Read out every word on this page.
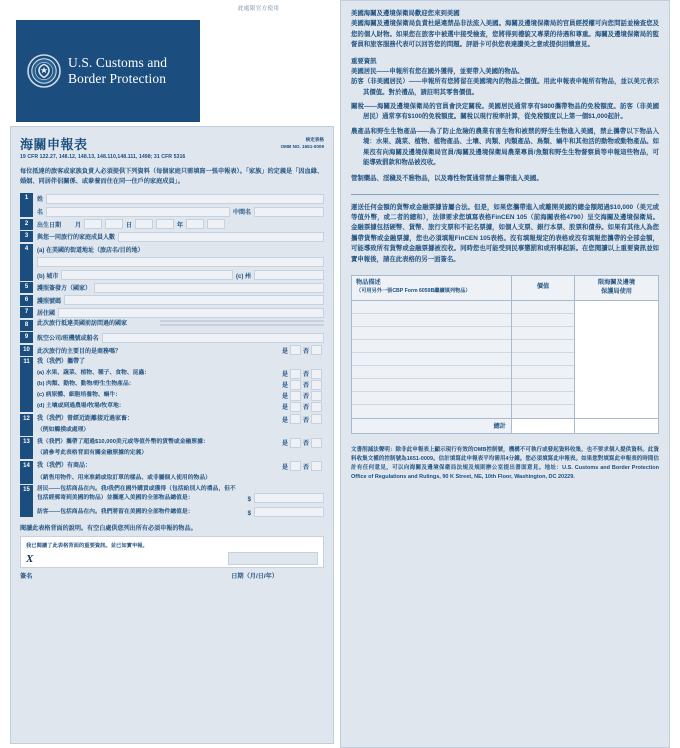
此處限官方使用
U.S. Customs and
Border Protection
海關申報表	核定表格
OMB NO. 1651-0009
19 CFR 122.27, 148.12, 148.13, 148.110,148.111, 1498; 31 CFR 5316
每位抵達的旅客或家族負責人必須提供下列資料（每個家庭只需填寫一張申報表）。「家族」的定義是「因血緣、婚姻、同居伴侶關係、或豢養而住在同一住戶的家庭成員」。
1	姓
名	中間名
2	出生日期 月	日	年
3	與您一同旅行的家庭成員人數
4	(a) 在美國的街道地址（旅店名/目的地）
(b) 城市	(c) 州
5	護照簽發方（國家）
6	護照號碼
7	居住國
8	此次旅行抵達美國前訪問過的國家
9	航空公司/班機號或船名
10	此次旅行的主要目的是商務嗎？	是	否
11	我（我們）攜帶了
(a) 水果、蔬菜、植物、種子、食物、昆蟲：	是	否
(b) 肉類、動物、動物/野生生物產品：	是	否
(c) 病原體、細胞培養物、蝸牛：	是	否
(d) 土壤或到過農場/牧場/牧草地：	是	否
12	我（我們）曾經近距離接近過家畜：	是	否
（例如觸摸或處理）
13	我（我們）攜帶了超過$10,000美元或等值外幣的貨幣或金融票據：	是	否
（請參考此表格背面有關金融票據的定義）
14	我（我們）有商品：	是	否
（銷售用物件、用來准銷或取訂單的樣品、或非屬個人使用的物品）
15	居民——包括商品在內。我/我們在國外購買或獲得（包括給別人的禮品，但不包括經郵寄到美國的物品）並攜運入美國的全部物品總值是：	$
訪客——包括商品在內。我們將留在美國的全部物件總值是：	$
閱讀此表格背面的說明。有空白處供您列出所有必須申報的物品。
我已閱讀了此表格背面的重要資訊。並已如實申報。
X
簽名	日期（月/日/年）
美國海關及邊境保衛局歡迎您來到美國
美國海關及邊境保衛局負責杜絕違禁品非法流入美國。海關及邊境保衛局的官員經授權可向您問話並檢查您及您的個人財物。如果您在旅客中被選中接受檢查，您將得到禮貌又專業的待遇和尊重。海關及邊境保衛局的監督員和旅客服務代表可以回答您的問題。評語卡可供您表達讚美之意或提供回饋意見。
重要資訊
美國居民——申報所有您在國外獲得，並要帶入美國的物品。
訪客（非美國居民）——申報所有您將留在美國境內的物品之價值。用此申報表申報所有物品，並以美元表示其價值。對於禮品，請註明其零售價值。
關稅——海關及邊境保衛局的官員會決定關稅。美國居民通常享有$800攜帶物品的免稅額度。訪客（非美國居民）通常享有$100的免稅額度。關稅以現行稅率計算，從免稅額度以上第一個$1,000起計。
農產品和野生生物產品——為了防止危險的農業有害生物和被禁的野生生物進入美國，禁止攜帶以下物品入境：水果、蔬菜、植物、植物產品、土壤、肉類、肉類產品、鳥類、蝸牛和其他活的動物或動物產品。如果沒有向海關及邊境保衛局官員/海關及邊境保衛局農業專員/魚類和野生生物督察員等申報這些物品，可能導致罰款和物品被沒收。
管制藥品、淫穢及不雅物品，以及毒性物質通常禁止攜帶進入美國。
運送任何金額的貨幣或金融票據皆屬合法。但是，如果您攜帶進入或離開美國的總金額超過$10,000（美元或等值外幣，或二者的總和），法律要求您填寫表格FinCEN 105（前海關表格4790）呈交海關及邊境保衛局。金融票據包括硬幣、貨幣、旅行支票和不記名票據，如個人支票、銀行本票、股票和債券。如果有其他人為您攜帶貨幣或金融票據，您也必須填報FinCEN 105表格。沒有填報規定的表格或沒有填報您攜帶的全部金額，可能導致所有貨幣或金融票據被沒收。同時您也可能受到民事懲罰和或刑事起訴。在您閱讀以上重要資訊並如實申報後，請在此表格的另一面簽名。
物品描述
（可用另外一張CBP Form 6059B繼續填列物品）
價值
限海關及邊境
保護局使用
總計
文書削減法聲明：除非此申報表上顯示現行有效的OMB控制號，機構不可執行或發起資料收集，也不要求個人提供資料。此資料收集文權的控制號為1651-0009。估計填寫此申報表平均需用4分鐘。您必須填寫此申報表。如果您對填寫此申報表的時間估計有任何意見，可以向海關及邊境保衛局法規及規則辦公室提出書面意見。地址：U.S. Customs and Border Protection Office of Regulations and Rulings, 90 K Street, NE, 10th Floor, Washington, DC 20229.
